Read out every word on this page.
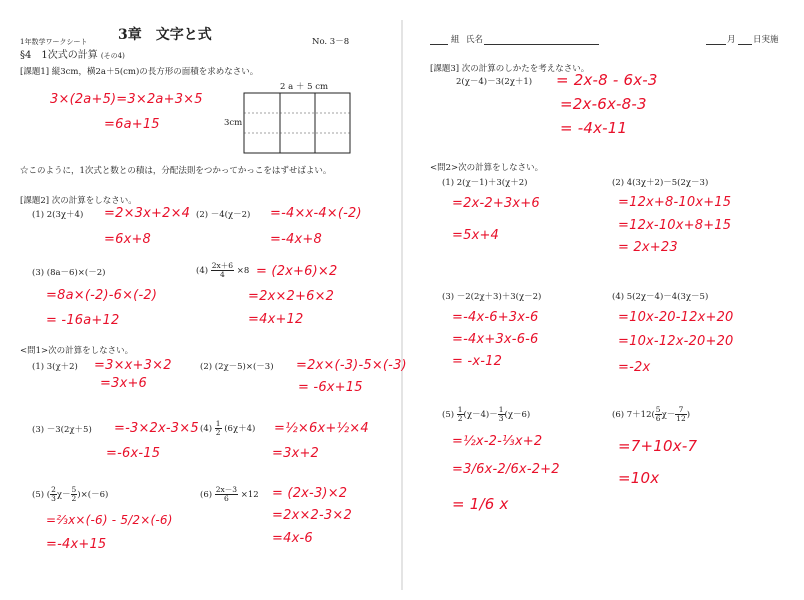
1年数学ワークシート 3章　文字と式	No. 3－8
§4　1次式の計算 (その4)
[課題1] 縦3cm，横2a＋5(cm)の長方形の面積を求めなさい。
3×(2a+5)=3×2a+3×5
=6a+15
2 a ＋ 5 cm
3cm
☆このように，1次式と数との積は，分配法則をつかってかっこをはずせばよい。
[課題2] 次の計算をしなさい。
(1) 2(3χ＋4) =2×3x+2×4
=6x+8
(2) －4(χ－2) =-4×x-4×(-2)
=-4x+8
(3) (8a－6)×(－2)
=8a×(-2)-6×(-2)
= -16a+12
$(4) \frac{2x+6}{4} \times 8 = (2x+6)\times 2$
=2x×2+6×2
=4x+12
<問1>次の計算をしなさい。
(1) 3(χ＋2) =3×x+3×2
=3x+6
(2) (2χ－5)×(－3) =2x×(-3)-5×(-3)
= -6x+15
(3) －3(2χ＋5) =-3×2x-3×5
=-6x-15
$(4) \frac{1}{2} (6\chi+4)$ =½×6x+½×4
=3x+2
(5) ( $\frac{2}{3} \chi- \frac{5}{2} )\times(-6)$
=⅔x×(-6) - 5/2×(-6)
=-4x+15
$(6) \frac{2x-3}{6} \times 12 = (2x-3)\times 2$
=2x×2-3×2
=4x-6
組 氏名	月 日実施
[課題3] 次の計算のしかたを考えなさい。
2(χ－4)－3(2χ＋1) = 2x-8 - 6x-3
=2x-6x-8-3
= -4x-11
<問2>次の計算をしなさい。
(1) 2(χ－1)＋3(χ＋2)
=2x-2+3x+6
=5x+4
(2) 4(3χ＋2)－5(2χ－3)
=12x+8-10x+15
=12x-10x+8+15
= 2x+23
(3) －2(2χ＋3)＋3(χ－2)
=-4x-6+3x-6
=-4x+3x-6-6
= -x-12
(4) 5(2χ－4)－4(3χ－5)
=10x-20-12x+20
=10x-12x-20+20
=-2x
$(5) \frac{1}{2} (\chi-4)- \frac{1}{3} (\chi-6)$
=½x-2-⅓x+2
=3/6x-2/6x-2+2
= 1/6 x
(6) $7+12( \frac{5}{6} \chi- \frac{7}{12}$ )
=7+10x-7
=10x
